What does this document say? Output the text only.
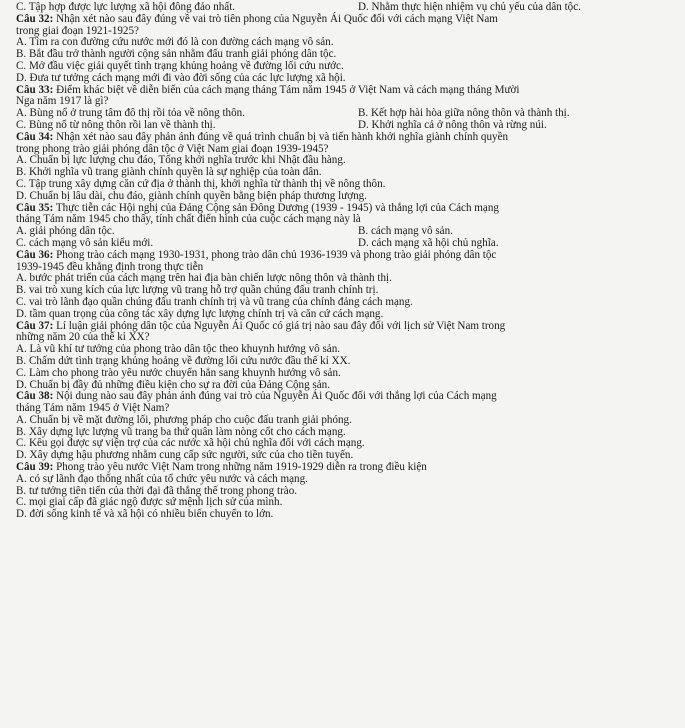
C. Tập hợp được lực lượng xã hội đông đảo nhất.	D. Nhằm thực hiện nhiệm vụ chủ yếu của dân tộc.
Câu 32: Nhận xét nào sau đây đúng về vai trò tiên phong của Nguyễn Ái Quốc đối với cách mạng Việt Nam
trong giai đoạn 1921-1925?
A. Tìm ra con đường cứu nước mới đó là con đường cách mạng vô sản.
B. Bắt đầu trở thành người cộng sản nhằm đấu tranh giải phóng dân tộc.
C. Mở đầu việc giải quyết tình trạng khủng hoảng về đường lối cứu nước.
D. Đưa tư tưởng cách mạng mới đi vào đời sống của các lực lượng xã hội.
Câu 33: Điểm khác biệt về diễn biến của cách mạng tháng Tám năm 1945 ở Việt Nam và cách mạng tháng Mười
Nga năm 1917 là gì?
A. Bùng nổ ở trung tâm đô thị rồi tỏa về nông thôn.	B. Kết hợp hài hòa giữa nông thôn và thành thị.
C. Bùng nổ từ nông thôn rồi lan về thành thị.	D. Khởi nghĩa cả ở nông thôn và rừng núi.
Câu 34: Nhận xét nào sau đây phản ánh đúng về quá trình chuẩn bị và tiến hành khởi nghĩa giành chính quyền
trong phong trào giải phóng dân tộc ở Việt Nam giai đoạn 1939-1945?
A. Chuẩn bị lực lượng chu đáo, Tổng khởi nghĩa trước khi Nhật đầu hàng.
B. Khởi nghĩa vũ trang giành chính quyền là sự nghiệp của toàn dân.
C. Tập trung xây dựng căn cứ địa ở thành thị, khởi nghĩa từ thành thị về nông thôn.
D. Chuẩn bị lâu dài, chu đáo, giành chính quyền bằng biện pháp thương lượng.
Câu 35: Thực tiễn các Hội nghị của Đảng Cộng sản Đông Dương (1939 - 1945) và thắng lợi của Cách mạng
tháng Tám năm 1945 cho thấy, tính chất điển hình của cuộc cách mạng này là
A. giải phóng dân tộc.	B. cách mạng vô sản.
C. cách mạng vô sản kiểu mới.	D. cách mạng xã hội chủ nghĩa.
Câu 36: Phong trào cách mạng 1930-1931, phong trào dân chủ 1936-1939 và phong trào giải phóng dân tộc
1939-1945 đều khẳng định trong thực tiễn
A. bước phát triển của cách mạng trên hai địa bàn chiến lược nông thôn và thành thị.
B. vai trò xung kích của lực lượng vũ trang hỗ trợ quần chúng đấu tranh chính trị.
C. vai trò lãnh đạo quần chúng đấu tranh chính trị và vũ trang của chính đảng cách mạng.
D. tầm quan trọng của công tác xây dựng lực lượng chính trị và căn cứ cách mạng.
Câu 37: Lí luận giải phóng dân tộc của Nguyễn Ái Quốc có giá trị nào sau đây đối với lịch sử Việt Nam trong
những năm 20 của thế kỉ XX?
A. Là vũ khí tư tưởng của phong trào dân tộc theo khuynh hướng vô sản.
B. Chấm dứt tình trạng khủng hoảng về đường lối cứu nước đầu thế kỉ XX.
C. Làm cho phong trào yêu nước chuyển hẳn sang khuynh hướng vô sản.
D. Chuẩn bị đầy đủ những điều kiện cho sự ra đời của Đảng Cộng sản.
Câu 38: Nội dung nào sau đây phản ánh đúng vai trò của Nguyễn Ái Quốc đối với thắng lợi của Cách mạng
tháng Tám năm 1945 ở Việt Nam?
A. Chuẩn bị về mặt đường lối, phương pháp cho cuộc đấu tranh giải phóng.
B. Xây dựng lực lượng vũ trang ba thứ quân làm nòng cốt cho cách mạng.
C. Kêu gọi được sự viện trợ của các nước xã hội chủ nghĩa đối với cách mạng.
D. Xây dựng hậu phương nhằm cung cấp sức người, sức của cho tiền tuyến.
Câu 39: Phong trào yêu nước Việt Nam trong những năm 1919-1929 diễn ra trong điều kiện
A. có sự lãnh đạo thống nhất của tổ chức yêu nước và cách mạng.
B. tư tưởng tiên tiến của thời đại đã thắng thế trong phong trào.
C. mọi giai cấp đã giác ngộ được sứ mệnh lịch sử của mình.
D. đời sống kinh tế và xã hội có nhiều biến chuyển to lớn.
